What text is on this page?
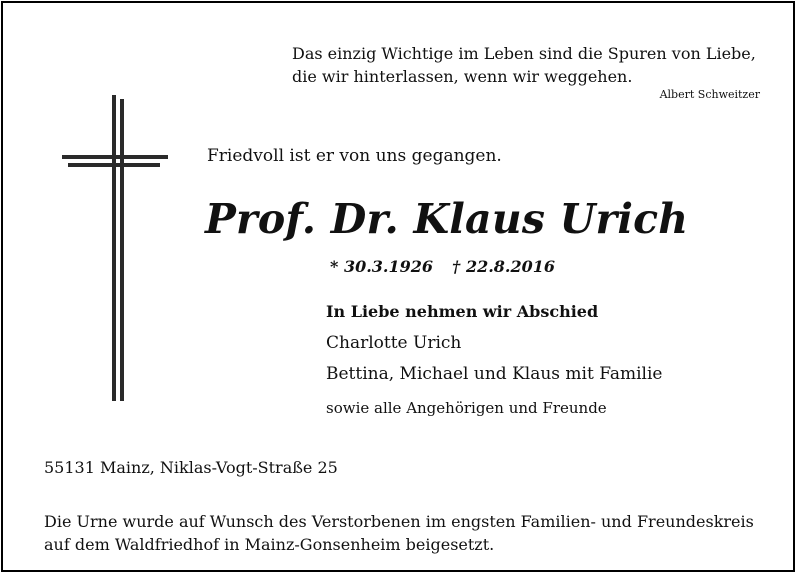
Das einzig Wichtige im Leben sind die Spuren von Liebe,
die wir hinterlassen, wenn wir weggehen.
Albert Schweitzer
Friedvoll ist er von uns gegangen.
Prof. Dr. Klaus Urich
* 30.3.1926 † 22.8.2016
In Liebe nehmen wir Abschied
Charlotte Urich
Bettina, Michael und Klaus mit Familie
sowie alle Angehörigen und Freunde
55131 Mainz, Niklas-Vogt-Straße 25
Die Urne wurde auf Wunsch des Verstorbenen im engsten Familien- und Freundeskreis
auf dem Waldfriedhof in Mainz-Gonsenheim beigesetzt.
